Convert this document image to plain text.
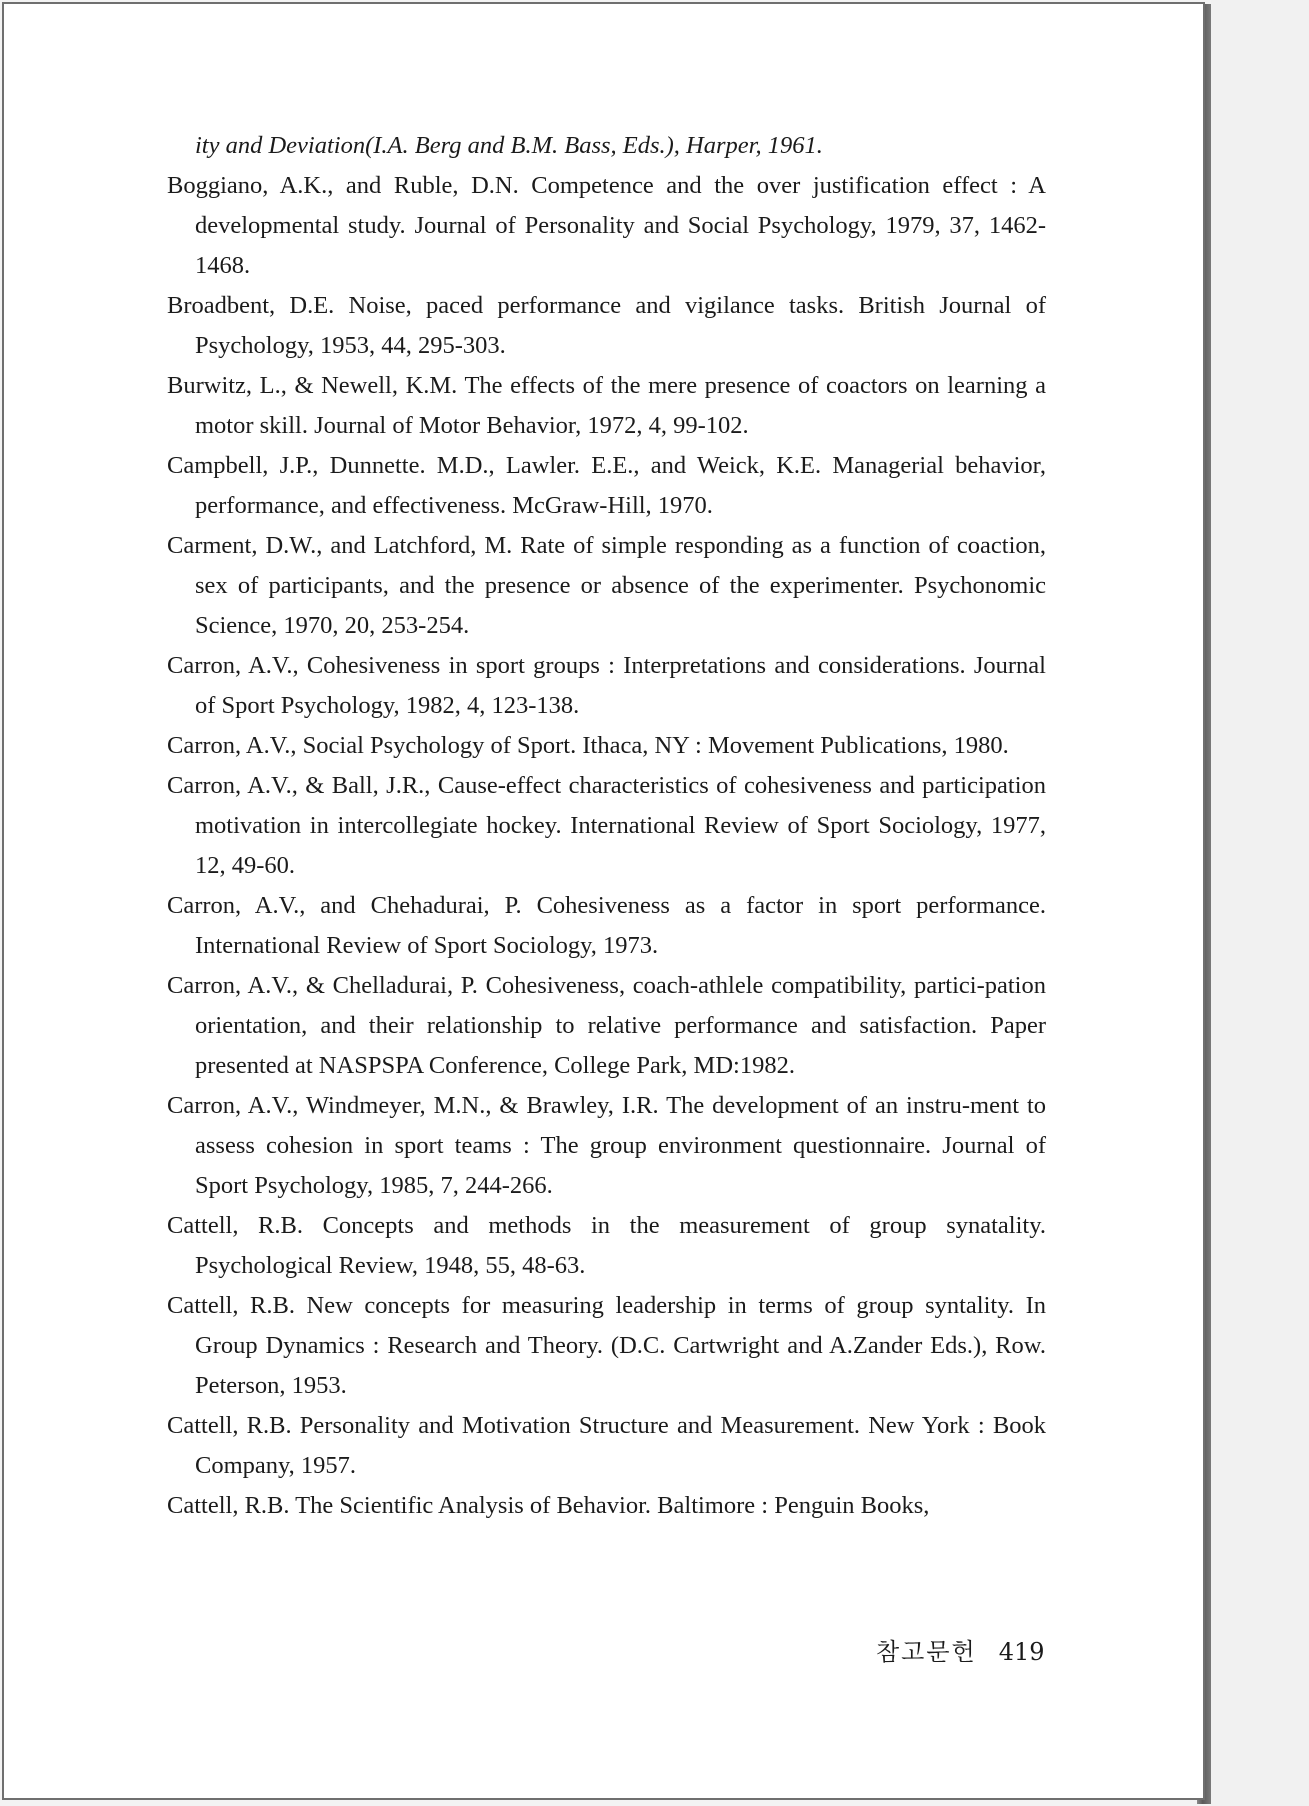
ity and Deviation(I.A. Berg and B.M. Bass, Eds.), Harper, 1961.
Boggiano, A.K., and Ruble, D.N. Competence and the over justification effect : A developmental study. Journal of Personality and Social Psychology, 1979, 37, 1462-1468.
Broadbent, D.E. Noise, paced performance and vigilance tasks. British Journal of Psychology, 1953, 44, 295-303.
Burwitz, L., & Newell, K.M. The effects of the mere presence of coactors on learning a motor skill. Journal of Motor Behavior, 1972, 4, 99-102.
Campbell, J.P., Dunnette. M.D., Lawler. E.E., and Weick, K.E. Managerial behavior, performance, and effectiveness. McGraw-Hill, 1970.
Carment, D.W., and Latchford, M. Rate of simple responding as a function of coaction, sex of participants, and the presence or absence of the experimenter. Psychonomic Science, 1970, 20, 253-254.
Carron, A.V., Cohesiveness in sport groups : Interpretations and considerations. Journal of Sport Psychology, 1982, 4, 123-138.
Carron, A.V., Social Psychology of Sport. Ithaca, NY : Movement Publications, 1980.
Carron, A.V., & Ball, J.R., Cause-effect characteristics of cohesiveness and participation motivation in intercollegiate hockey. International Review of Sport Sociology, 1977, 12, 49-60.
Carron, A.V., and Chehadurai, P. Cohesiveness as a factor in sport performance. International Review of Sport Sociology, 1973.
Carron, A.V., & Chelladurai, P. Cohesiveness, coach-athlele compatibility, partici-pation orientation, and their relationship to relative performance and satisfaction. Paper presented at NASPSPA Conference, College Park, MD:1982.
Carron, A.V., Windmeyer, M.N., & Brawley, I.R. The development of an instru-ment to assess cohesion in sport teams : The group environment questionnaire. Journal of Sport Psychology, 1985, 7, 244-266.
Cattell, R.B. Concepts and methods in the measurement of group synatality. Psychological Review, 1948, 55, 48-63.
Cattell, R.B. New concepts for measuring leadership in terms of group syntality. In Group Dynamics : Research and Theory. (D.C. Cartwright and A.Zander Eds.), Row. Peterson, 1953.
Cattell, R.B. Personality and Motivation Structure and Measurement. New York : Book Company, 1957.
Cattell, R.B. The Scientific Analysis of Behavior. Baltimore : Penguin Books,
참고문헌 419
